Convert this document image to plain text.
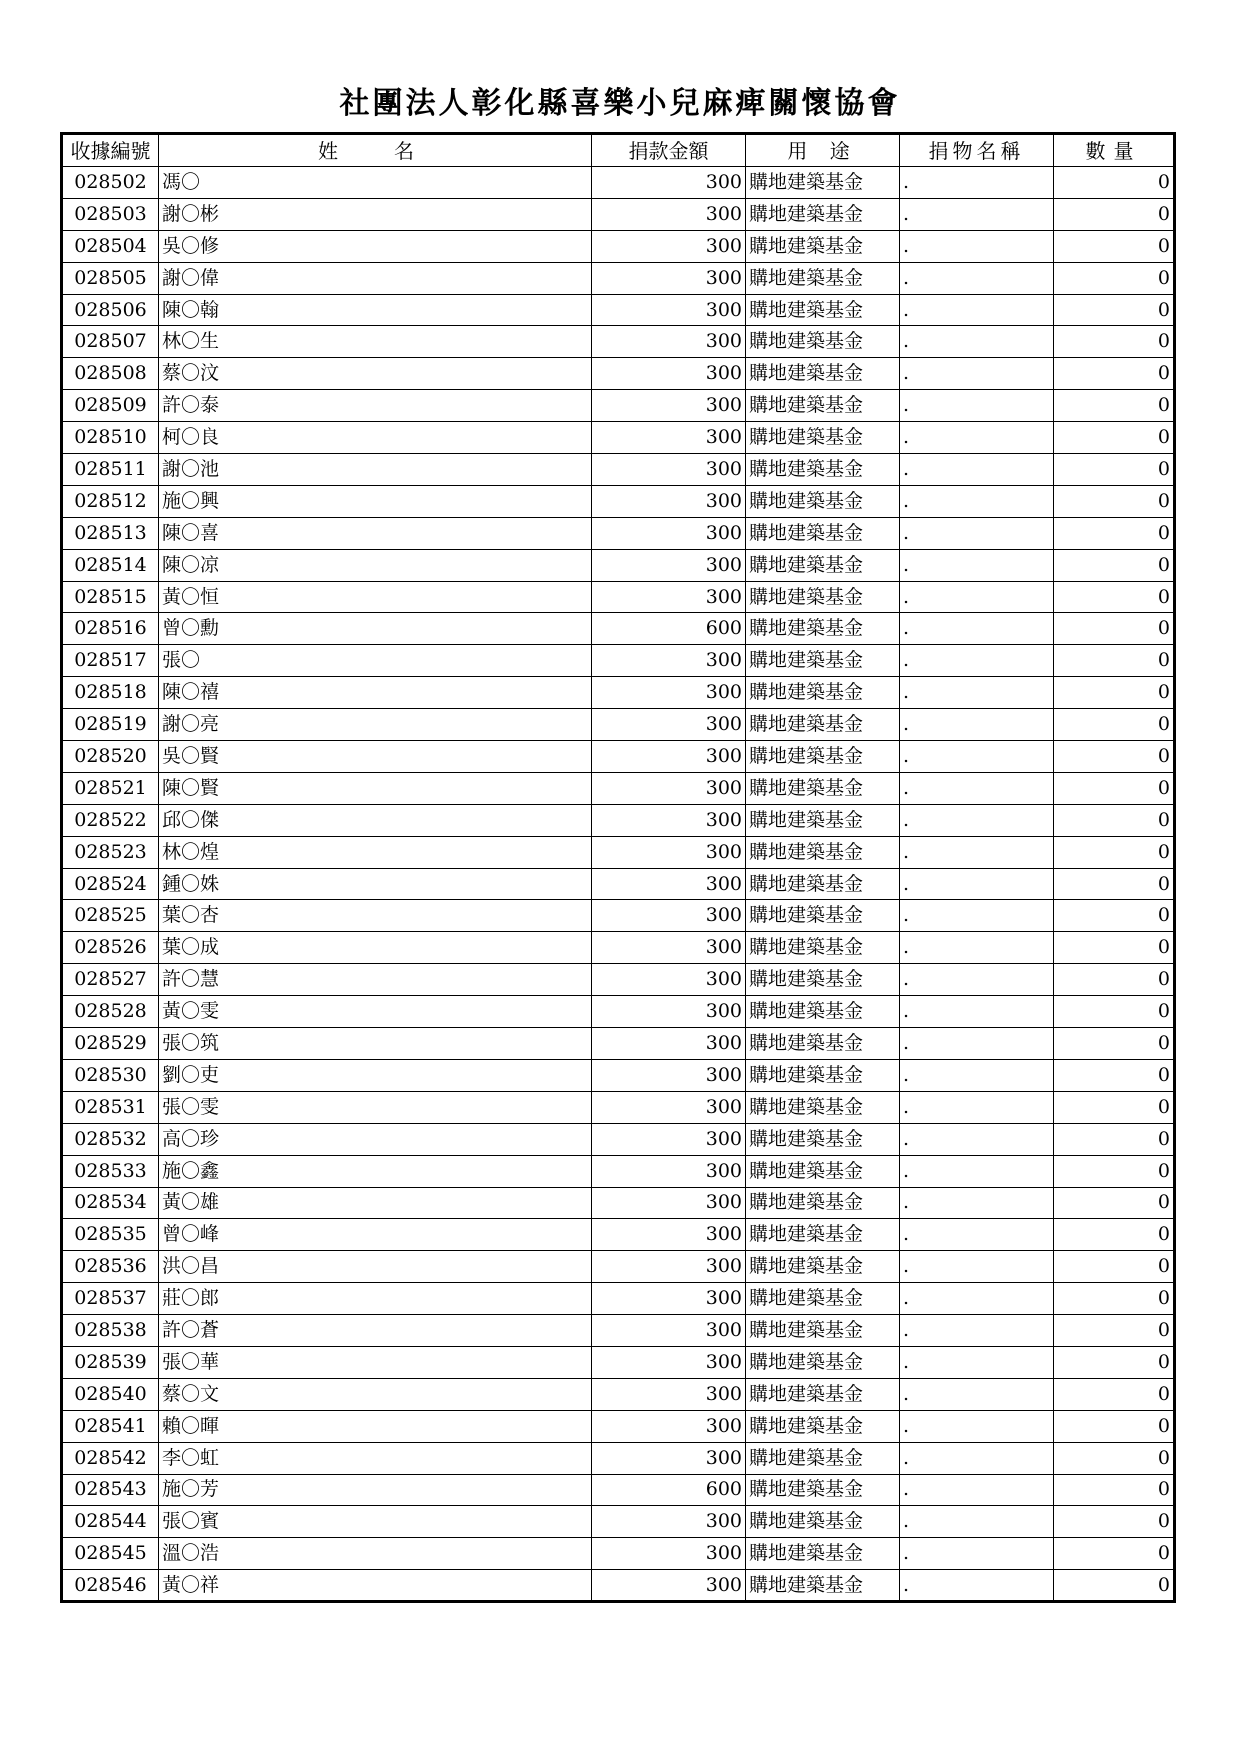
社團法人彰化縣喜樂小兒麻痺關懷協會
收據編號	姓　名	捐款金額	用 途	捐物名稱	數量
028502	馮〇	300	購地建築基金	.	0
028503	謝〇彬	300	購地建築基金	.	0
028504	吳〇修	300	購地建築基金	.	0
028505	謝〇偉	300	購地建築基金	.	0
028506	陳〇翰	300	購地建築基金	.	0
028507	林〇生	300	購地建築基金	.	0
028508	蔡〇汶	300	購地建築基金	.	0
028509	許〇泰	300	購地建築基金	.	0
028510	柯〇良	300	購地建築基金	.	0
028511	謝〇池	300	購地建築基金	.	0
028512	施〇興	300	購地建築基金	.	0
028513	陳〇喜	300	購地建築基金	.	0
028514	陳〇凉	300	購地建築基金	.	0
028515	黃〇恒	300	購地建築基金	.	0
028516	曾〇勳	600	購地建築基金	.	0
028517	張〇	300	購地建築基金	.	0
028518	陳〇禧	300	購地建築基金	.	0
028519	謝〇亮	300	購地建築基金	.	0
028520	吳〇賢	300	購地建築基金	.	0
028521	陳〇賢	300	購地建築基金	.	0
028522	邱〇傑	300	購地建築基金	.	0
028523	林〇煌	300	購地建築基金	.	0
028524	鍾〇姝	300	購地建築基金	.	0
028525	葉〇杏	300	購地建築基金	.	0
028526	葉〇成	300	購地建築基金	.	0
028527	許〇慧	300	購地建築基金	.	0
028528	黃〇雯	300	購地建築基金	.	0
028529	張〇筑	300	購地建築基金	.	0
028530	劉〇吏	300	購地建築基金	.	0
028531	張〇雯	300	購地建築基金	.	0
028532	高〇珍	300	購地建築基金	.	0
028533	施〇鑫	300	購地建築基金	.	0
028534	黃〇雄	300	購地建築基金	.	0
028535	曾〇峰	300	購地建築基金	.	0
028536	洪〇昌	300	購地建築基金	.	0
028537	莊〇郎	300	購地建築基金	.	0
028538	許〇蒼	300	購地建築基金	.	0
028539	張〇華	300	購地建築基金	.	0
028540	蔡〇文	300	購地建築基金	.	0
028541	賴〇暉	300	購地建築基金	.	0
028542	李〇虹	300	購地建築基金	.	0
028543	施〇芳	600	購地建築基金	.	0
028544	張〇賓	300	購地建築基金	.	0
028545	溫〇浩	300	購地建築基金	.	0
028546	黃〇祥	300	購地建築基金	.	0
